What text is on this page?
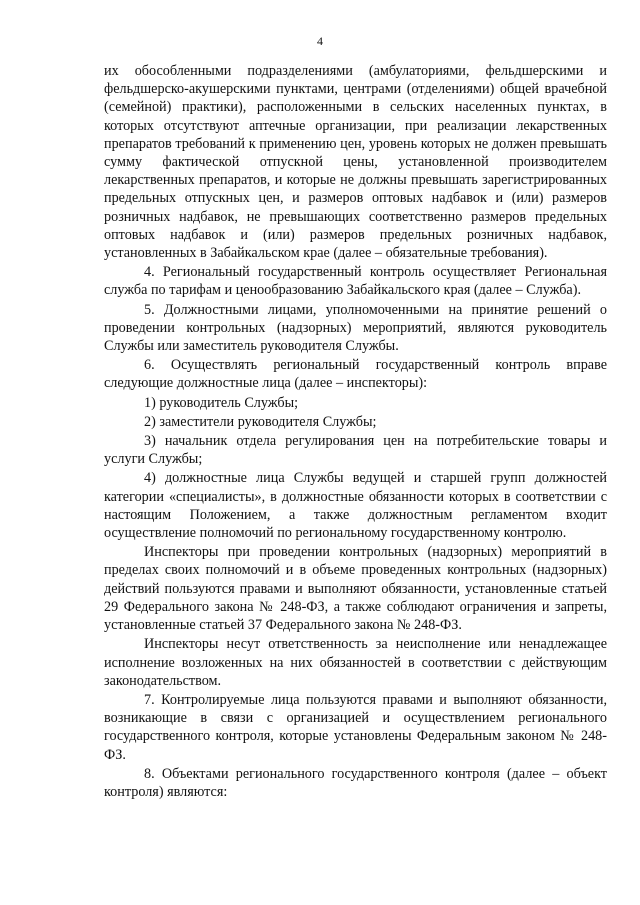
4

их обособленными подразделениями (амбулаториями, фельдшерскими и фельдшерско-акушерскими пунктами, центрами (отделениями) общей врачебной (семейной) практики), расположенными в сельских населенных пунктах, в которых отсутствуют аптечные организации, при реализации лекарственных препаратов требований к применению цен, уровень которых не должен превышать сумму фактической отпускной цены, установленной производителем лекарственных препаратов, и которые не должны превышать зарегистрированных предельных отпускных цен, и размеров оптовых надбавок и (или) размеров розничных надбавок, не превышающих соответственно размеров предельных оптовых надбавок и (или) размеров предельных розничных надбавок, установленных в Забайкальском крае (далее – обязательные требования).

4. Региональный государственный контроль осуществляет Региональная служба по тарифам и ценообразованию Забайкальского края (далее – Служба).

5. Должностными лицами, уполномоченными на принятие решений о проведении контрольных (надзорных) мероприятий, являются руководитель Службы или заместитель руководителя Службы.

6. Осуществлять региональный государственный контроль вправе следующие должностные лица (далее – инспекторы):

1) руководитель Службы;

2) заместители руководителя Службы;

3) начальник отдела регулирования цен на потребительские товары и услуги Службы;

4) должностные лица Службы ведущей и старшей групп должностей категории «специалисты», в должностные обязанности которых в соответствии с настоящим Положением, а также должностным регламентом входит осуществление полномочий по региональному государственному контролю.

Инспекторы при проведении контрольных (надзорных) мероприятий в пределах своих полномочий и в объеме проведенных контрольных (надзорных) действий пользуются правами и выполняют обязанности, установленные статьей 29 Федерального закона № 248-ФЗ, а также соблюдают ограничения и запреты, установленные статьей 37 Федерального закона № 248-ФЗ.

Инспекторы несут ответственность за неисполнение или ненадлежащее исполнение возложенных на них обязанностей в соответствии с действующим законодательством.

7. Контролируемые лица пользуются правами и выполняют обязанности, возникающие в связи с организацией и осуществлением регионального государственного контроля, которые установлены Федеральным законом № 248-ФЗ.

8. Объектами регионального государственного контроля (далее – объект контроля) являются:
